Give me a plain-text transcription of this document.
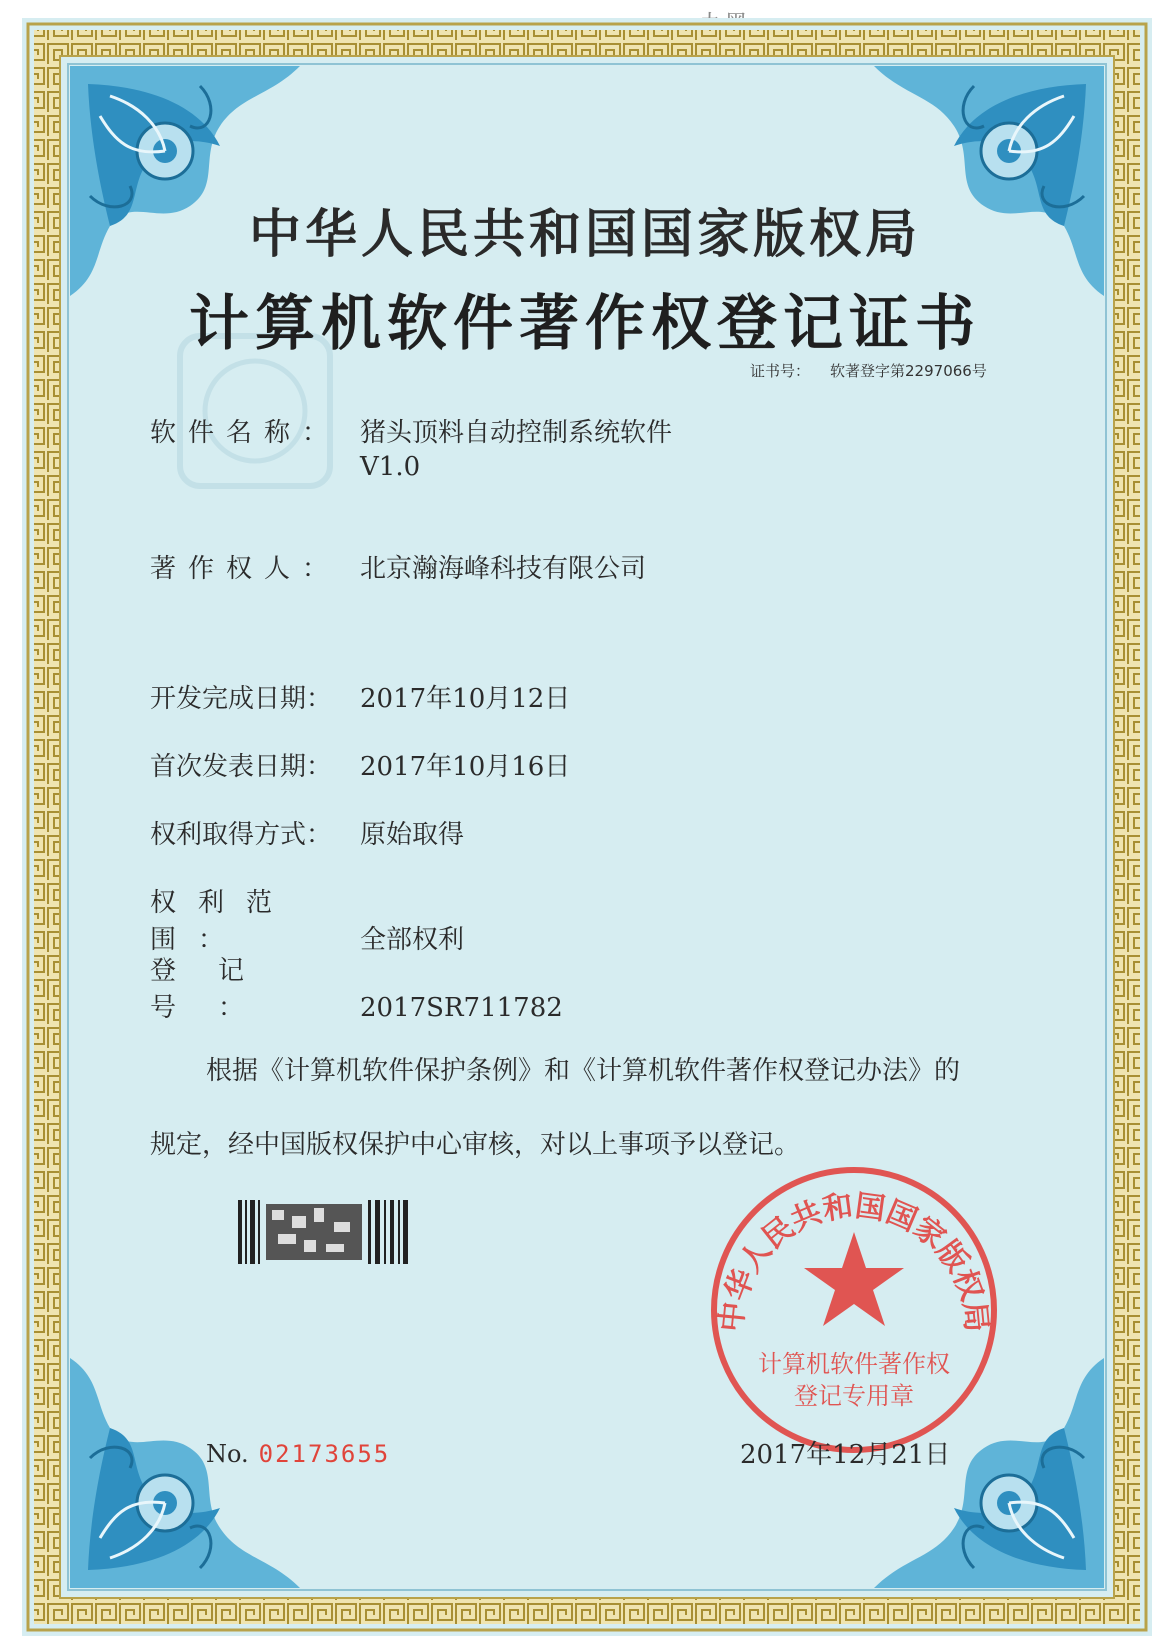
中华人民共和国国家版权局
计算机软件著作权登记证书
证书号： 软著登字第2297066号
软件名称： 猪头顶料自动控制系统软件
V1.0
著作权人： 北京瀚海峰科技有限公司
开发完成日期： 2017年10月12日
首次发表日期： 2017年10月16日
权利取得方式： 原始取得
权利范围：	全部权利
登记号：	2017SR711782
根据《计算机软件保护条例》和《计算机软件著作权登记办法》的
规定，经中国版权保护中心审核，对以上事项予以登记。
中华人民共和国国家版权局
计算机软件著作权
登记专用章
2017年12月21日
No. 02173655
